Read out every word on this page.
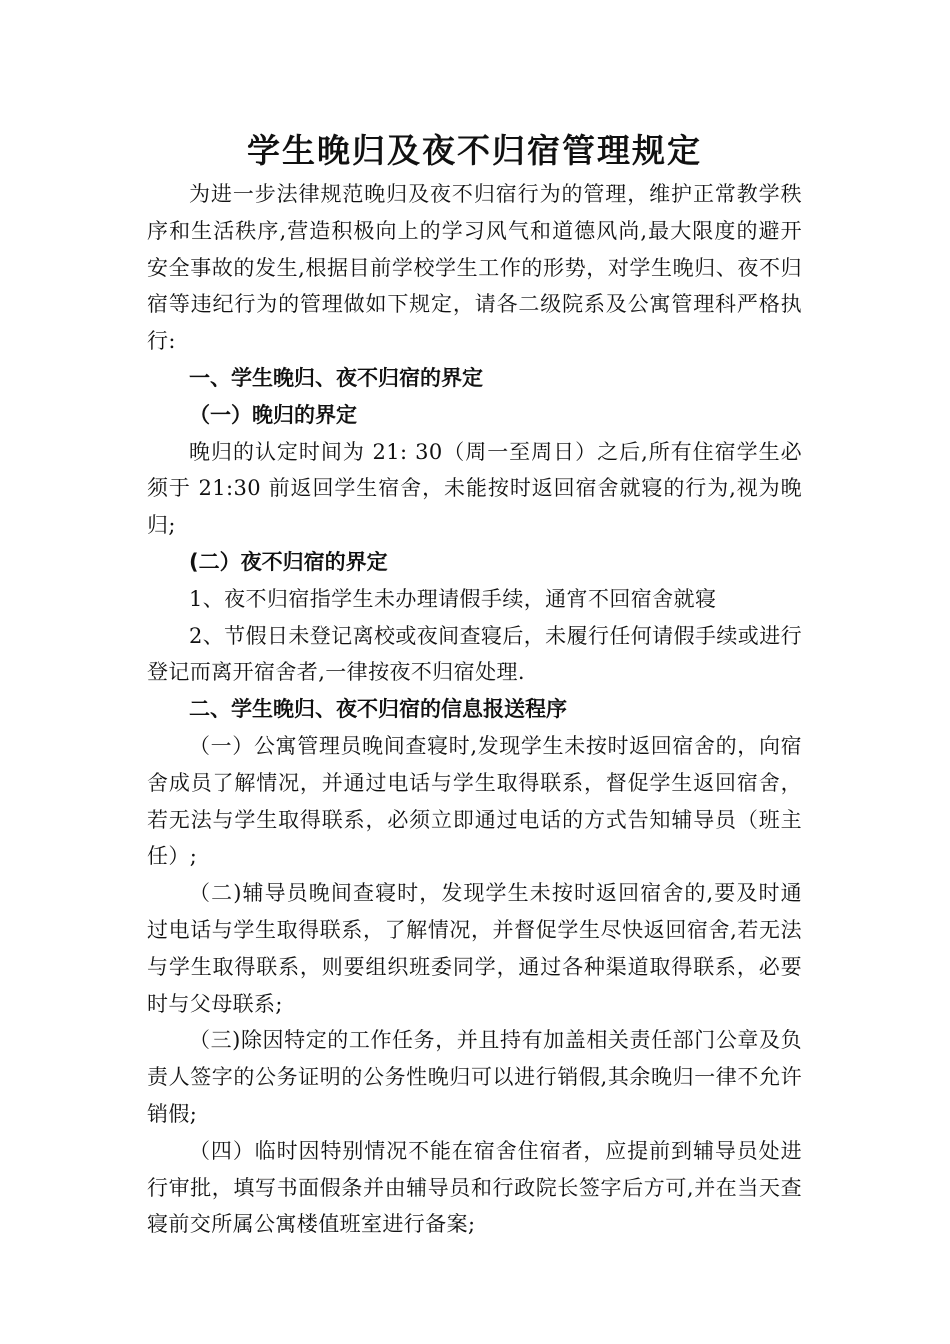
学生晚归及夜不归宿管理规定

为进一步法律规范晚归及夜不归宿行为的管理，维护正常教学秩序和生活秩序,营造积极向上的学习风气和道德风尚,最大限度的避开安全事故的发生,根据目前学校学生工作的形势，对学生晚归、夜不归宿等违纪行为的管理做如下规定，请各二级院系及公寓管理科严格执行:

一、学生晚归、夜不归宿的界定

（一）晚归的界定

晚归的认定时间为 21: 30（周一至周日）之后,所有住宿学生必须于 21:30 前返回学生宿舍，未能按时返回宿舍就寝的行为,视为晚归;

(二）夜不归宿的界定

1、夜不归宿指学生未办理请假手续，通宵不回宿舍就寝

2、节假日未登记离校或夜间查寝后，未履行任何请假手续或进行登记而离开宿舍者,一律按夜不归宿处理.

二、学生晚归、夜不归宿的信息报送程序

（一）公寓管理员晚间查寝时,发现学生未按时返回宿舍的，向宿舍成员了解情况，并通过电话与学生取得联系，督促学生返回宿舍，若无法与学生取得联系，必须立即通过电话的方式告知辅导员（班主任）;

（二)辅导员晚间查寝时，发现学生未按时返回宿舍的,要及时通过电话与学生取得联系，了解情况，并督促学生尽快返回宿舍,若无法与学生取得联系，则要组织班委同学，通过各种渠道取得联系，必要时与父母联系;

（三)除因特定的工作任务，并且持有加盖相关责任部门公章及负责人签字的公务证明的公务性晚归可以进行销假,其余晚归一律不允许销假;

（四）临时因特别情况不能在宿舍住宿者，应提前到辅导员处进行审批，填写书面假条并由辅导员和行政院长签字后方可,并在当天查寝前交所属公寓楼值班室进行备案;
